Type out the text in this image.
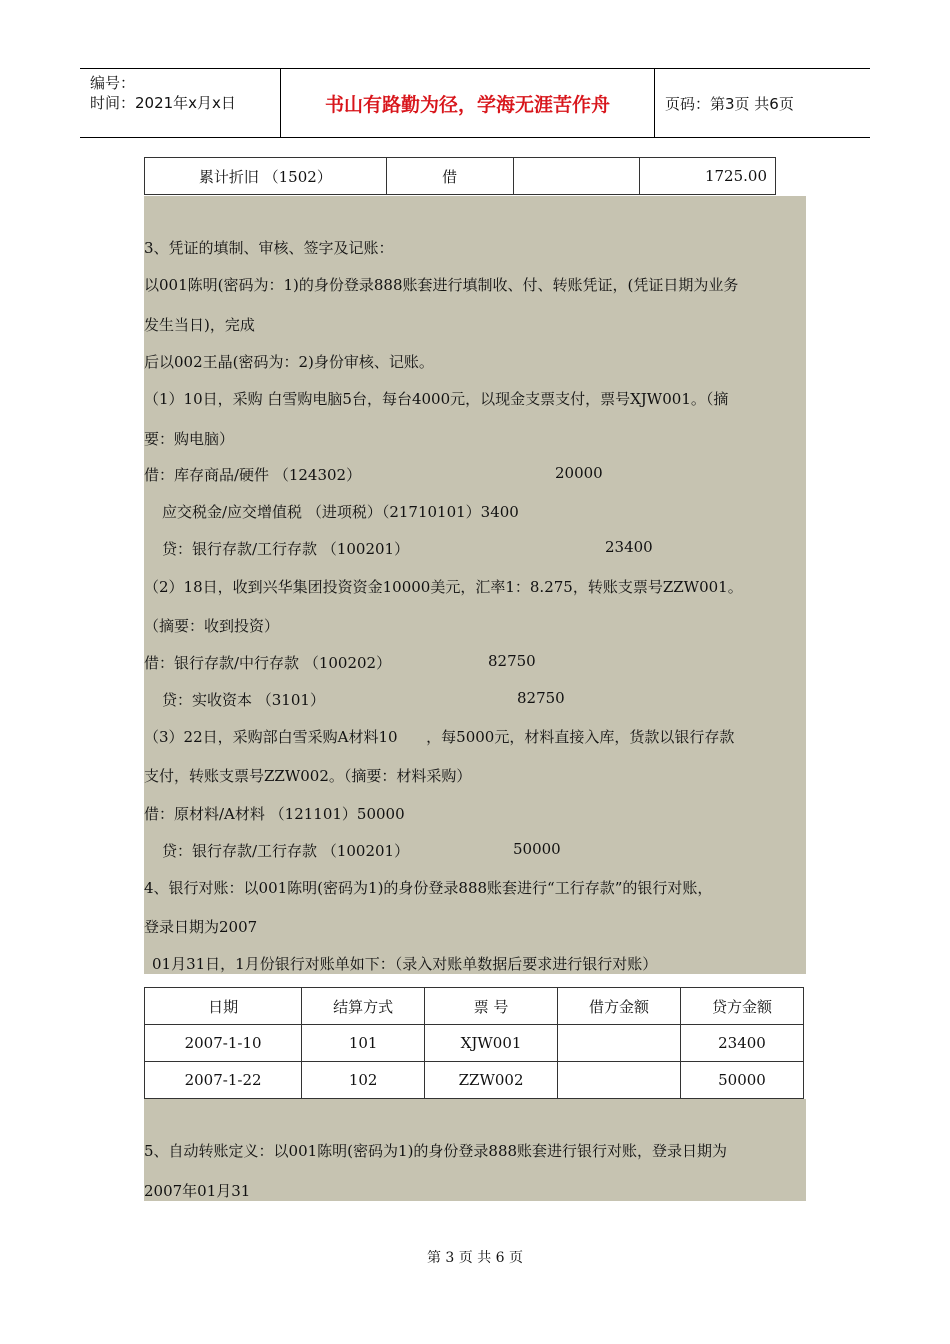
编号：
时间：2021年x月x日	书山有路勤为径，学海无涯苦作舟	页码：第3页 共6页
累计折旧 （1502）	借		1725.00
3、凭证的填制、审核、签字及记账：
以001陈明(密码为：1)的身份登录888账套进行填制收、付、转账凭证，(凭证日期为业务
发生当日)，完成
后以002王晶(密码为：2)身份审核、记账。
（1）10日，采购 白雪购电脑5台，每台4000元，以现金支票支付，票号XJW001。（摘
要：购电脑）
借：库存商品/硬件 （124302）	20000
应交税金/应交增值税 （进项税）（21710101）3400
贷：银行存款/工行存款 （100201）	23400
（2）18日，收到兴华集团投资资金10000美元，汇率1：8.275，转账支票号ZZW001。
（摘要：收到投资）
借：银行存款/中行存款 （100202）	82750
贷：实收资本 （3101）	82750
（3）22日，采购部白雪采购A材料10      ，每5000元，材料直接入库，货款以银行存款
支付，转账支票号ZZW002。（摘要：材料采购）
借：原材料/A材料 （121101）50000
贷：银行存款/工行存款 （100201）	50000
4、银行对账：以001陈明(密码为1)的身份登录888账套进行“工行存款”的银行对账，
登录日期为2007
01月31日，1月份银行对账单如下：（录入对账单数据后要求进行银行对账）
日期	结算方式	票 号	借方金额	贷方金额
2007-1-10	101	XJW001		23400
2007-1-22	102	ZZW002		50000
5、自动转账定义：以001陈明(密码为1)的身份登录888账套进行银行对账，登录日期为
2007年01月31
第 3 页 共 6 页
